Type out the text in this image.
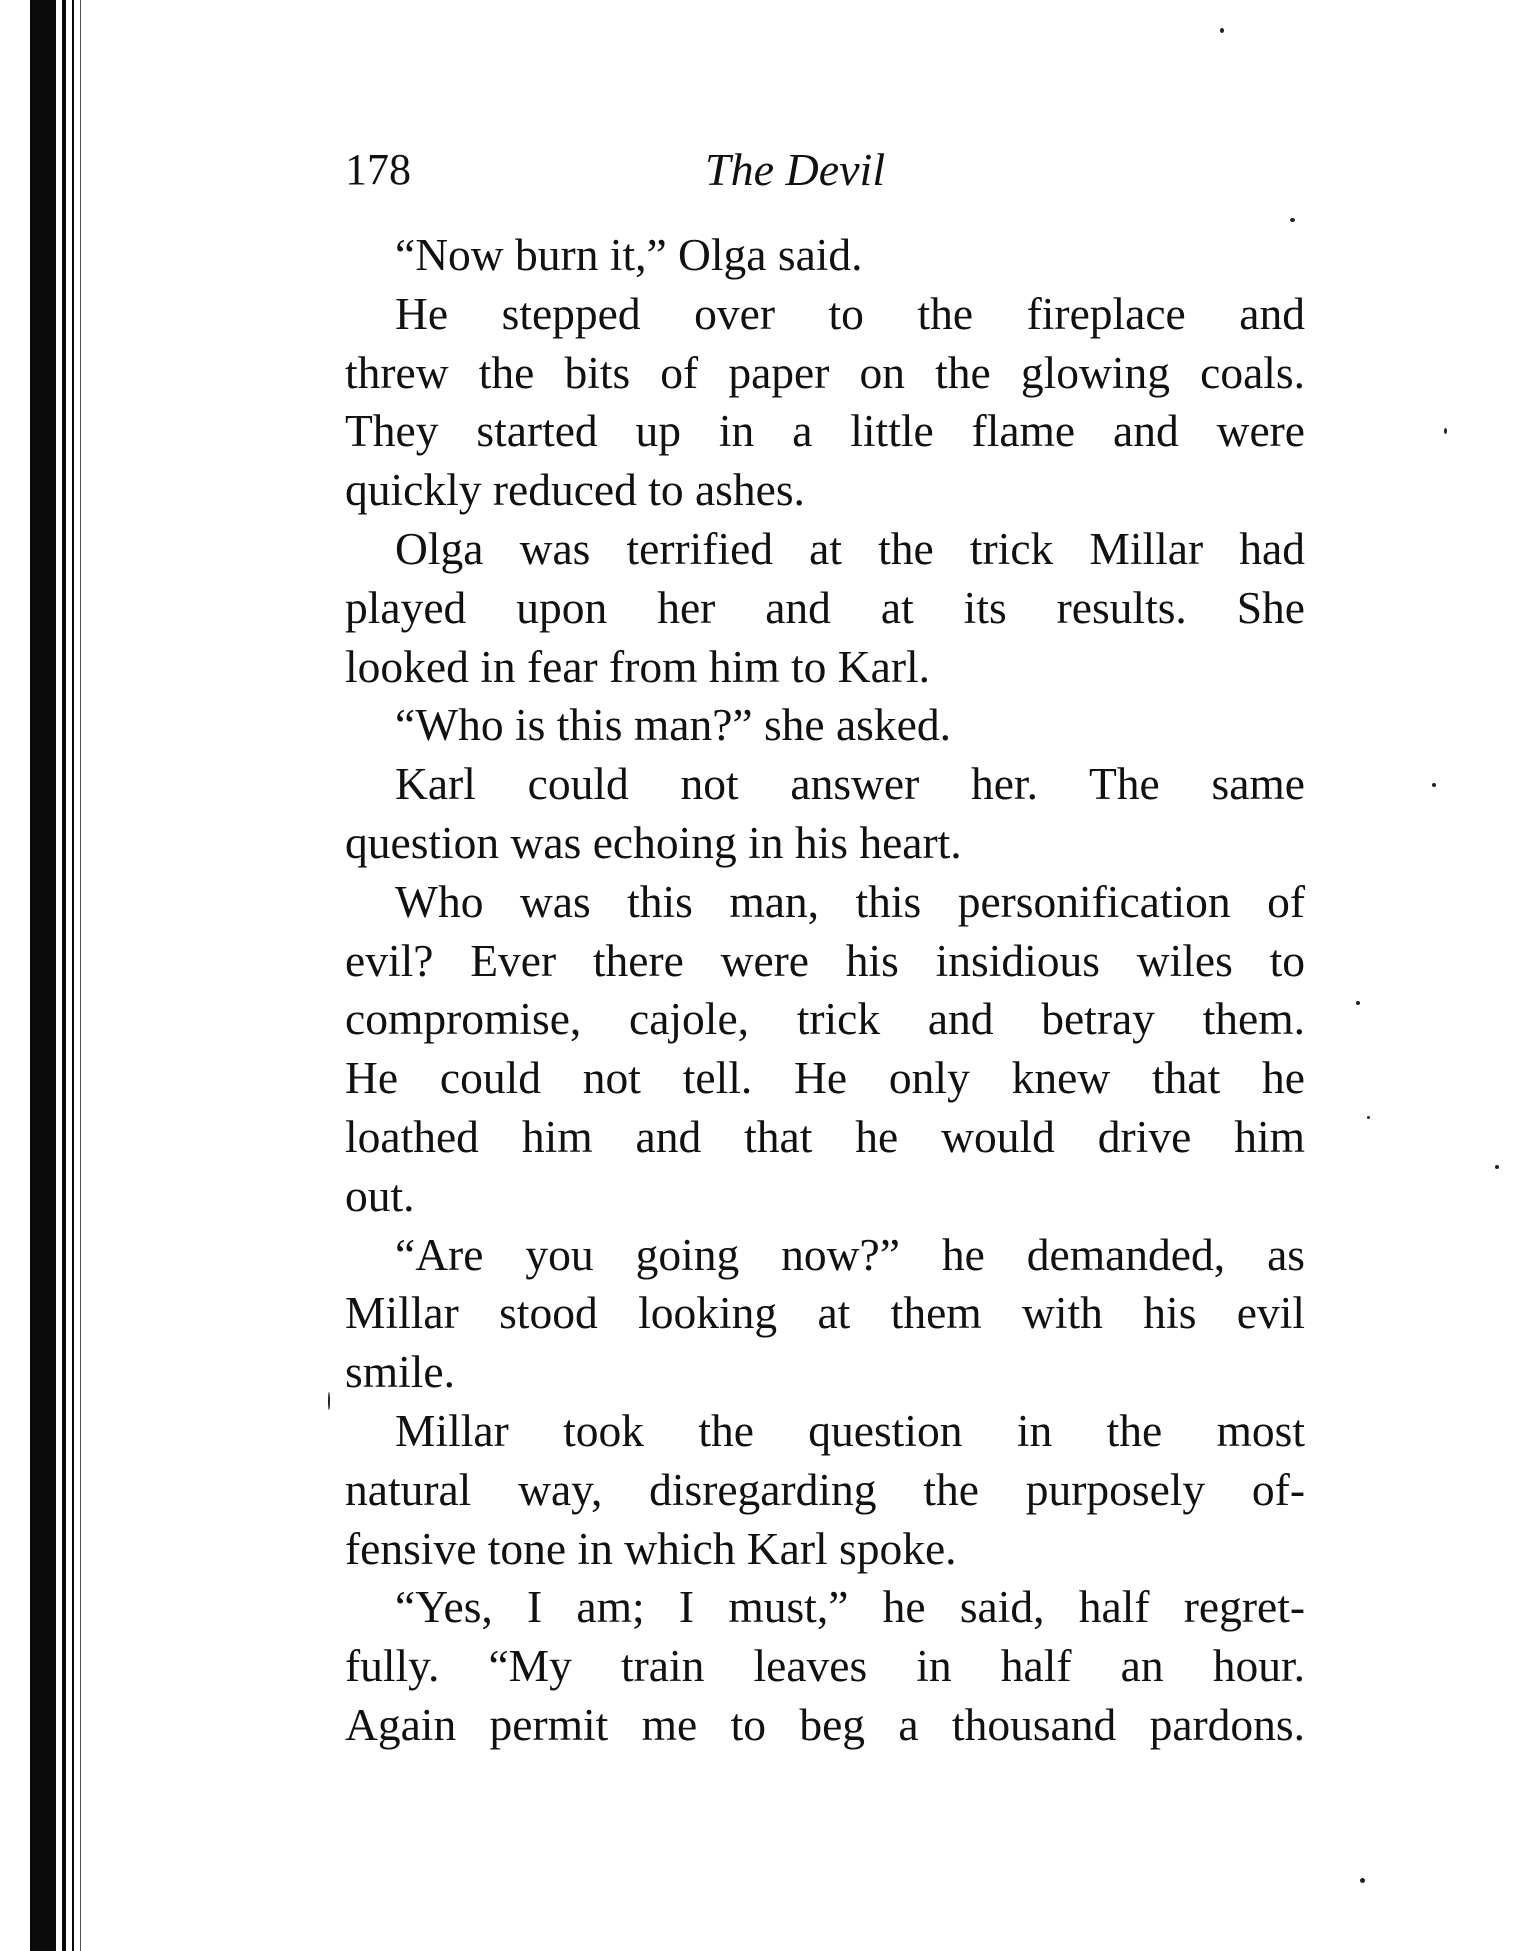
178	The Devil
“Now burn it,” Olga said.
He stepped over to the fireplace and
threw the bits of paper on the glowing coals.
They started up in a little flame and were
quickly reduced to ashes.
Olga was terrified at the trick Millar had
played upon her and at its results. She
looked in fear from him to Karl.
“Who is this man?” she asked.
Karl could not answer her. The same
question was echoing in his heart.
Who was this man, this personification of
evil? Ever there were his insidious wiles to
compromise, cajole, trick and betray them.
He could not tell. He only knew that he
loathed him and that he would drive him
out.
“Are you going now?” he demanded, as
Millar stood looking at them with his evil
smile.
Millar took the question in the most
natural way, disregarding the purposely of-
fensive tone in which Karl spoke.
“Yes, I am; I must,” he said, half regret-
fully. “My train leaves in half an hour.
Again permit me to beg a thousand pardons.
